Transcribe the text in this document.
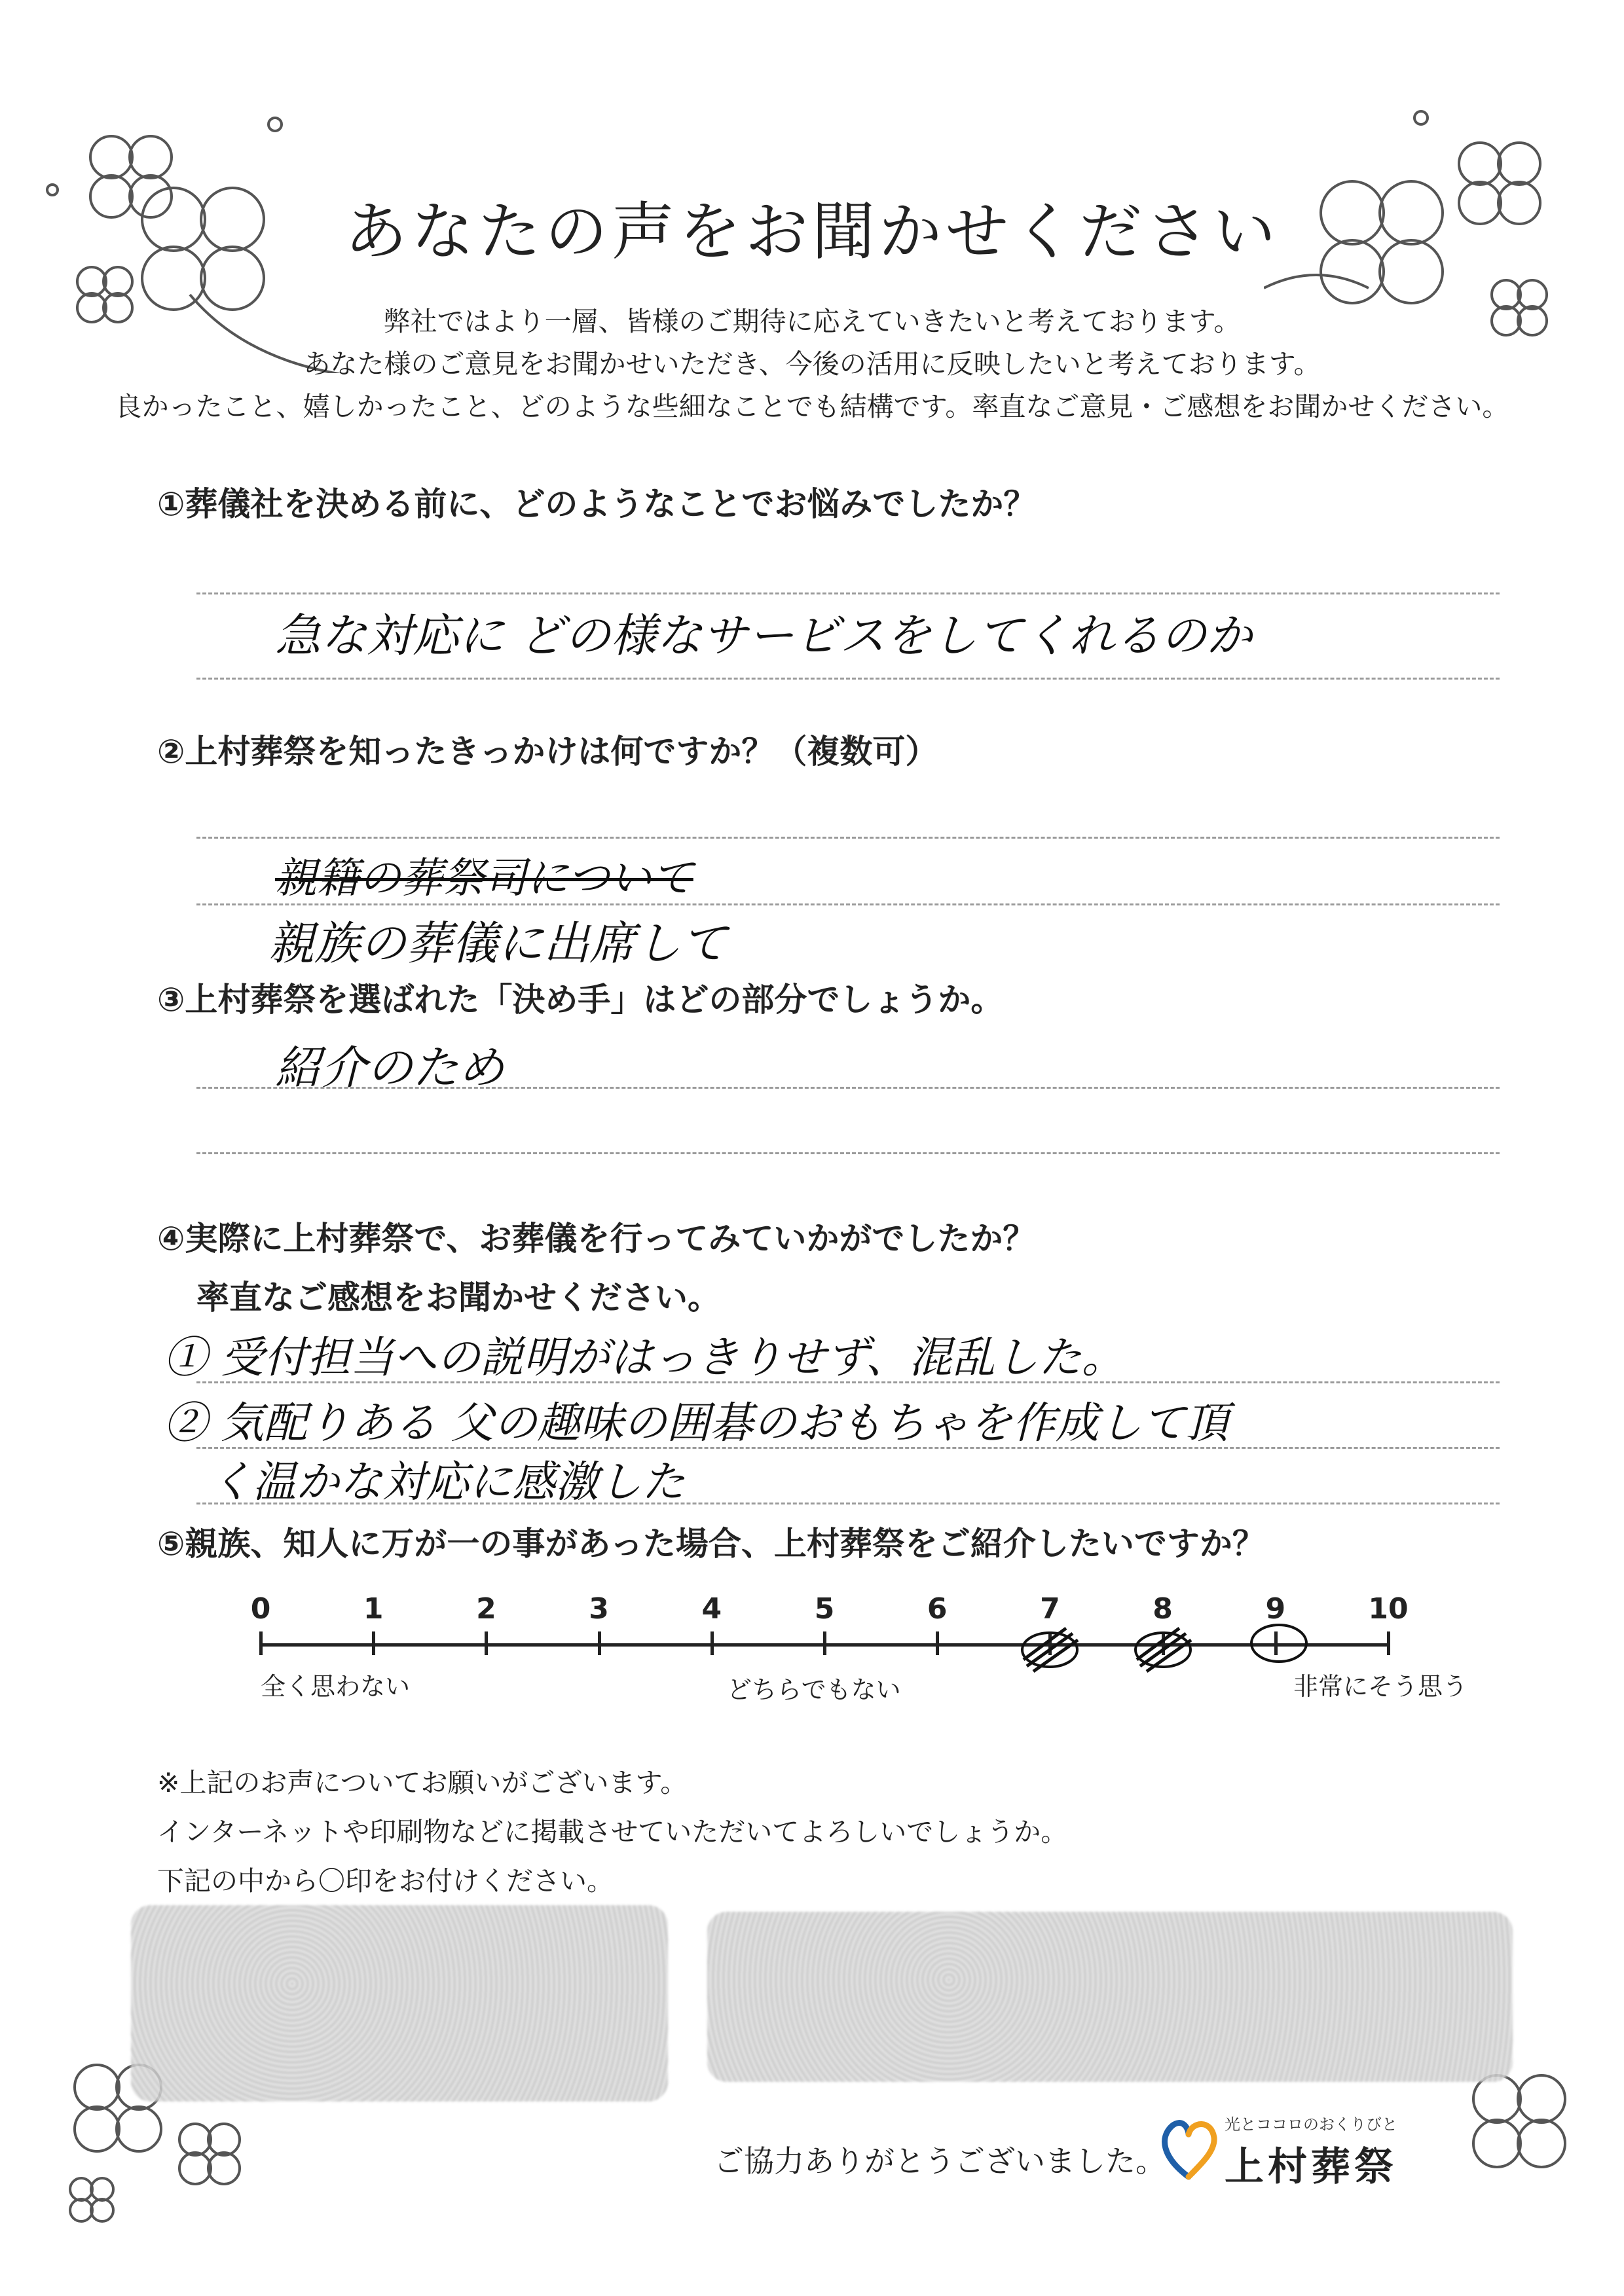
あなたの声をお聞かせください
弊社ではより一層、皆様のご期待に応えていきたいと考えております。
あなた様のご意見をお聞かせいただき、今後の活用に反映したいと考えております。
良かったこと、嬉しかったこと、どのような些細なことでも結構です。率直なご意見・ご感想をお聞かせください。
①葬儀社を決める前に、どのようなことでお悩みでしたか？
急な対応に どの様なサービスをしてくれるのか
②上村葬祭を知ったきっかけは何ですか？（複数可）
親籍の葬祭司について
親族の葬儀に出席して
③上村葬祭を選ばれた「決め手」はどの部分でしょうか。
紹介のため
④実際に上村葬祭で、お葬儀を行ってみていかがでしたか？
率直なご感想をお聞かせください。
① 受付担当への説明がはっきりせず、混乱した。
② 気配りある 父の趣味の囲碁のおもちゃを作成して頂
く温かな対応に感激した
⑤親族、知人に万が一の事があった場合、上村葬祭をご紹介したいですか？
0	1	2	3	4	5	6	7	8	9	10
全く思わない	どちらでもない	非常にそう思う
※上記のお声についてお願いがございます。
インターネットや印刷物などに掲載させていただいてよろしいでしょうか。
下記の中から〇印をお付けください。
ご協力ありがとうございました。
光とココロのおくりびと
上村葬祭
